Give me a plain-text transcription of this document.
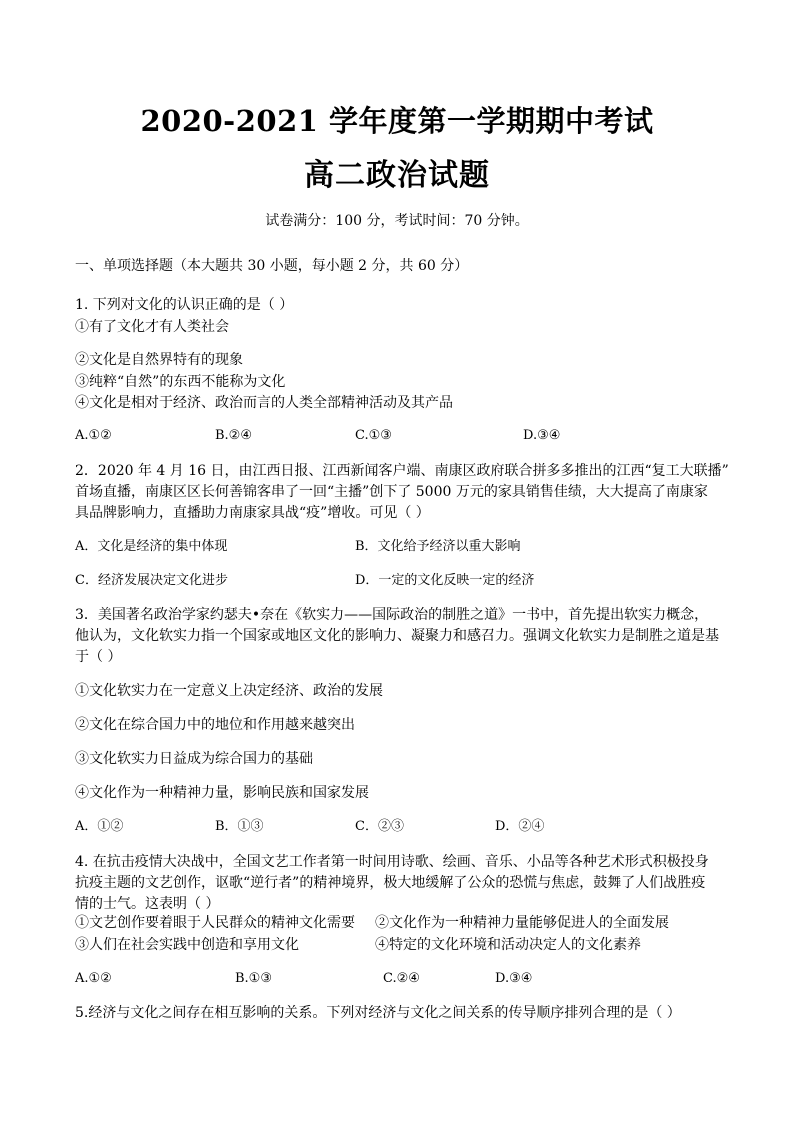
2020-2021 学年度第一学期期中考试
高二政治试题
试卷满分：100 分，考试时间：70 分钟。
一、单项选择题（本大题共 30 小题，每小题 2 分，共 60 分）
1. 下列对文化的认识正确的是（ ）
①有了文化才有人类社会
②文化是自然界特有的现象
③纯粹“自然”的东西不能称为文化
④文化是相对于经济、政治而言的人类全部精神活动及其产品
A.①②	B.②④	C.①③	D.③④
2．2020 年 4 月 16 日，由江西日报、江西新闻客户端、南康区政府联合拼多多推出的江西“复工大联播”
首场直播，南康区区长何善锦客串了一回“主播”创下了 5000 万元的家具销售佳绩，大大提高了南康家
具品牌影响力，直播助力南康家具战“疫”增收。可见（ ）
A．文化是经济的集中体现	B．文化给予经济以重大影响
C．经济发展决定文化进步	D．一定的文化反映一定的经济
3．美国著名政治学家约瑟夫•奈在《软实力——国际政治的制胜之道》一书中，首先提出软实力概念，
他认为，文化软实力指一个国家或地区文化的影响力、凝聚力和感召力。强调文化软实力是制胜之道是基
于（ ）
①文化软实力在一定意义上决定经济、政治的发展
②文化在综合国力中的地位和作用越来越突出
③文化软实力日益成为综合国力的基础
④文化作为一种精神力量，影响民族和国家发展
A．①②	B．①③	C．②③	D．②④
4. 在抗击疫情大决战中，全国文艺工作者第一时间用诗歌、绘画、音乐、小品等各种艺术形式积极投身
抗疫主题的文艺创作，讴歌“逆行者”的精神境界，极大地缓解了公众的恐慌与焦虑，鼓舞了人们战胜疫
情的士气。这表明（ ）
①文艺创作要着眼于人民群众的精神文化需要 ②文化作为一种精神力量能够促进人的全面发展
③人们在社会实践中创造和享用文化	④特定的文化环境和活动决定人的文化素养
A.①②	B.①③	C.②④	D.③④
5.经济与文化之间存在相互影响的关系。下列对经济与文化之间关系的传导顺序排列合理的是（ ）
